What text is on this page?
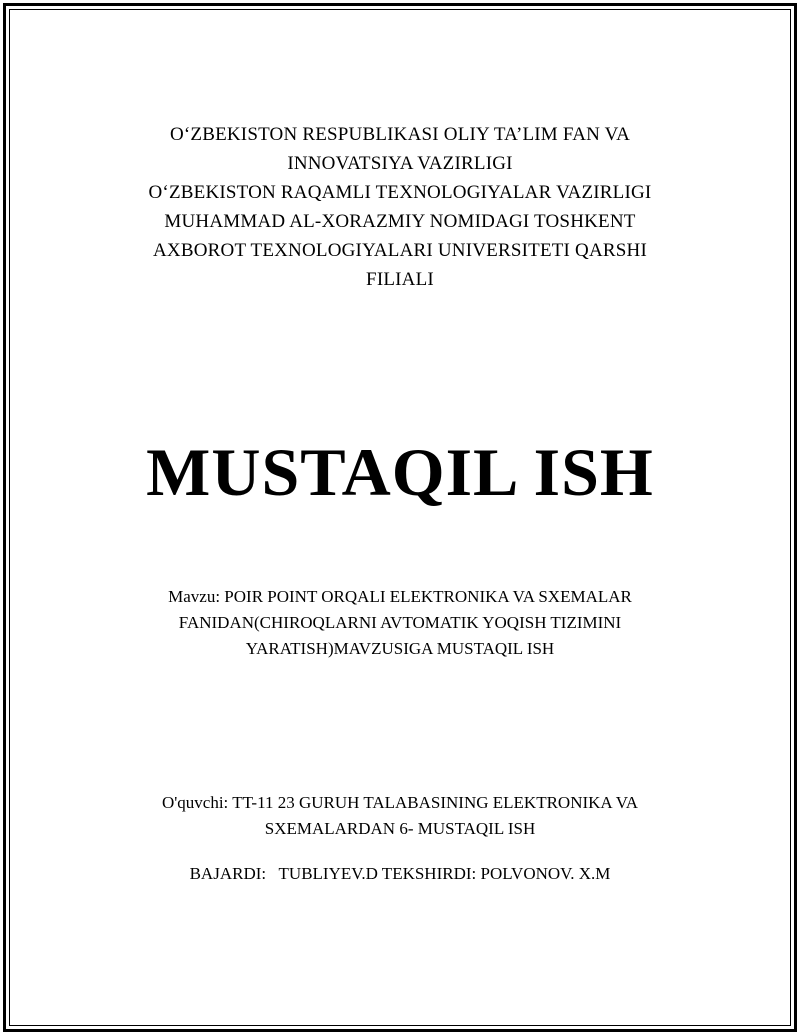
O‘ZBEKISTON RESPUBLIKASI OLIY TA’LIM FAN VA
INNOVATSIYA VAZIRLIGI
O‘ZBEKISTON RAQAMLI TEXNOLOGIYALAR VAZIRLIGI
MUHAMMAD AL-XORAZMIY NOMIDAGI TOSHKENT
AXBOROT TEXNOLOGIYALARI UNIVERSITETI QARSHI
FILIALI
MUSTAQIL ISH
Mavzu: POIR POINT ORQALI ELEKTRONIKA VA SXEMALAR
FANIDAN(CHIROQLARNI AVTOMATIK YOQISH TIZIMINI
YARATISH)MAVZUSIGA MUSTAQIL ISH
O'quvchi: TT-11 23 GURUH TALABASINING ELEKTRONIKA VA
SXEMALARDAN 6- MUSTAQIL ISH
BAJARDI:   TUBLIYEV.D TEKSHIRDI: POLVONOV. X.M
